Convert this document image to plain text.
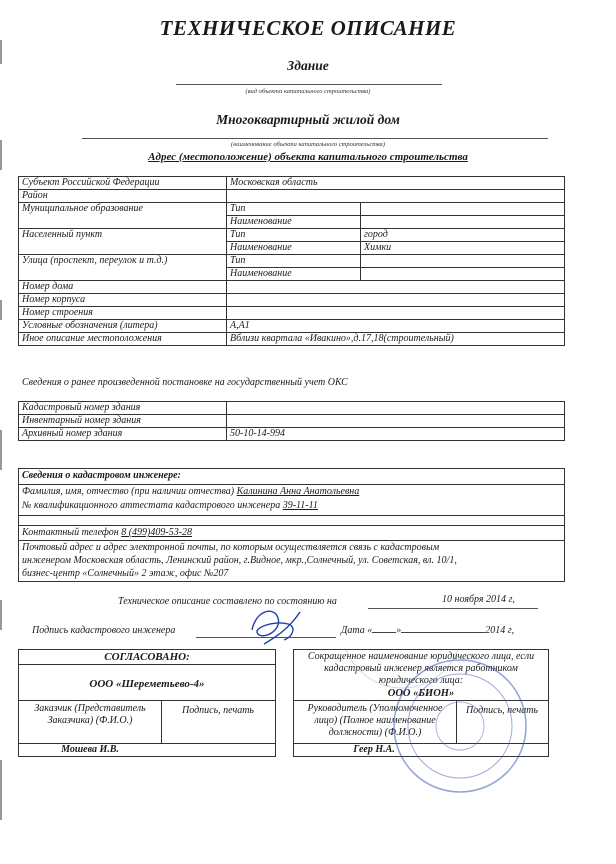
ТЕХНИЧЕСКОЕ ОПИСАНИЕ
Здание
(вид объекта капитального строительства)
Многоквартирный жилой дом
(наименование объекта капитального строительства)
Адрес (местоположение) объекта капитального строительства
Субъект Российской Федерации	Московская область	
Район		
Муниципальное образование	Тип	
	Наименование	
Населенный пункт	Тип	город
	Наименование	Химки
Улица (проспект, переулок и т.д.)	Тип	
	Наименование	
Номер дома		
Номер корпуса		
Номер строения		
Условные обозначения (литера)	А,А1	
Иное описание местоположения	Вблизи квартала «Ивакино»,д.17,18(строительный)	
Сведения о ранее произведенной постановке на государственный учет ОКС
Кадастровый номер здания	
Инвентарный номер здания	
Архивный номер здания	50-10-14-994
Сведения о кадастровом инженере:
Фамилия, имя, отчество (при наличии отчества) Калинина Анна Анатольевна
№ квалификационного аттестата кадастрового инженера 39-11-11
Контактный телефон 8 (499)409-53-28
Почтовый адрес и адрес электронной почты, по которым осуществляется связь с кадастровым
инженером Московская область, Ленинский район, г.Видное, мкр.,Солнечный, ул. Советская, вл. 10/1,
бизнес-центр «Солнечный» 2 этаж, офис №207
Техническое описание составлено по состоянию на	10 ноября 2014 г,
Подпись кадастрового инженера	Дата « »	2014 г,
СОГЛАСОВАНО:
ООО «Шереметьево-4»
Заказчик (Представитель Заказчика) (Ф.И.О.)
Подпись, печать
Мошева И.В.
Сокращенное наименование юридического лица, если кадастровый инженер является работником юридического лица:
ООО «БИОН»
Руководитель (Уполномоченное лицо) (Полное наименование должности) (Ф.И.О.)
Подпись, печать
Геер Н.А.
